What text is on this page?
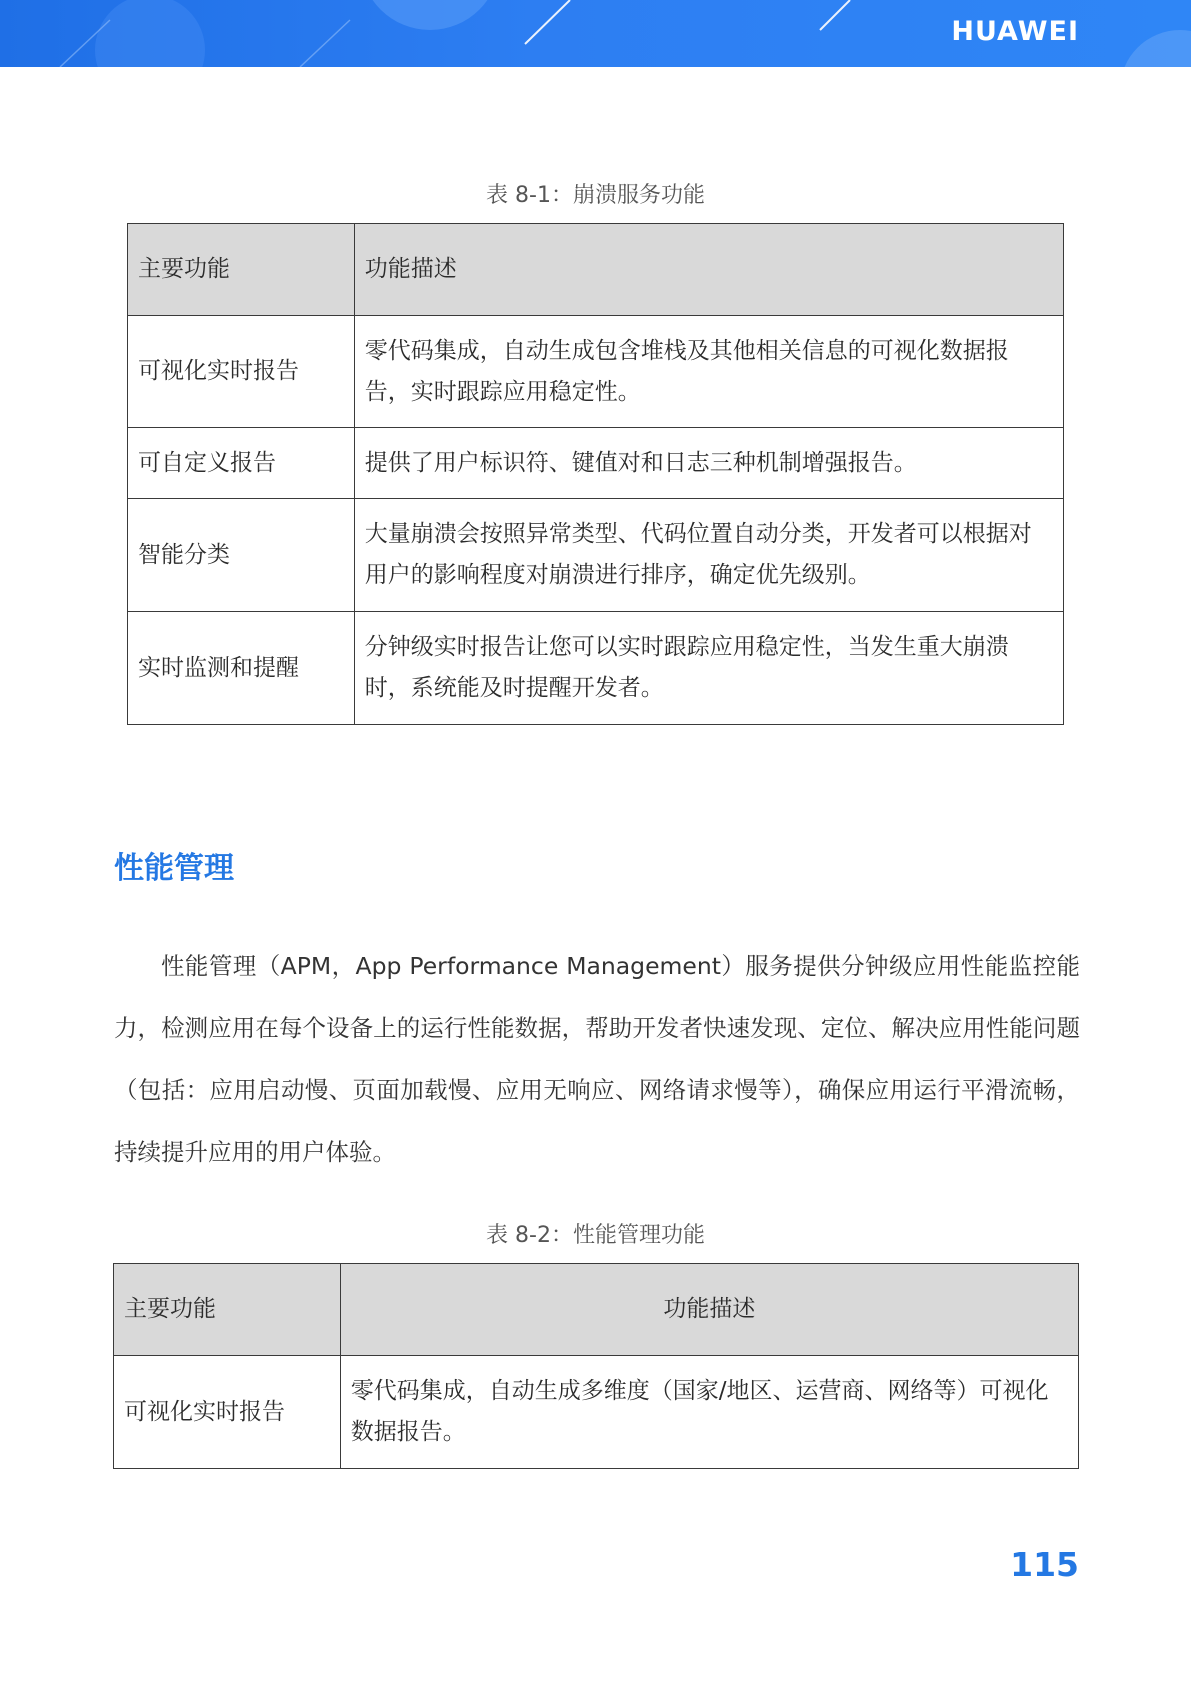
HUAWEI
表 8-1：崩溃服务功能
主要功能	功能描述
可视化实时报告	零代码集成，自动生成包含堆栈及其他相关信息的可视化数据报告，实时跟踪应用稳定性。
可自定义报告	提供了用户标识符、键值对和日志三种机制增强报告。
智能分类	大量崩溃会按照异常类型、代码位置自动分类，开发者可以根据对用户的影响程度对崩溃进行排序，确定优先级别。
实时监测和提醒	分钟级实时报告让您可以实时跟踪应用稳定性，当发生重大崩溃时，系统能及时提醒开发者。
性能管理
性能管理（APM，App Performance Management）服务提供分钟级应用性能监控能力，检测应用在每个设备上的运行性能数据，帮助开发者快速发现、定位、解决应用性能问题（包括：应用启动慢、页面加载慢、应用无响应、网络请求慢等），确保应用运行平滑流畅，持续提升应用的用户体验。
表 8-2：性能管理功能
主要功能	功能描述
可视化实时报告	零代码集成，自动生成多维度（国家/地区、运营商、网络等）可视化数据报告。
115
